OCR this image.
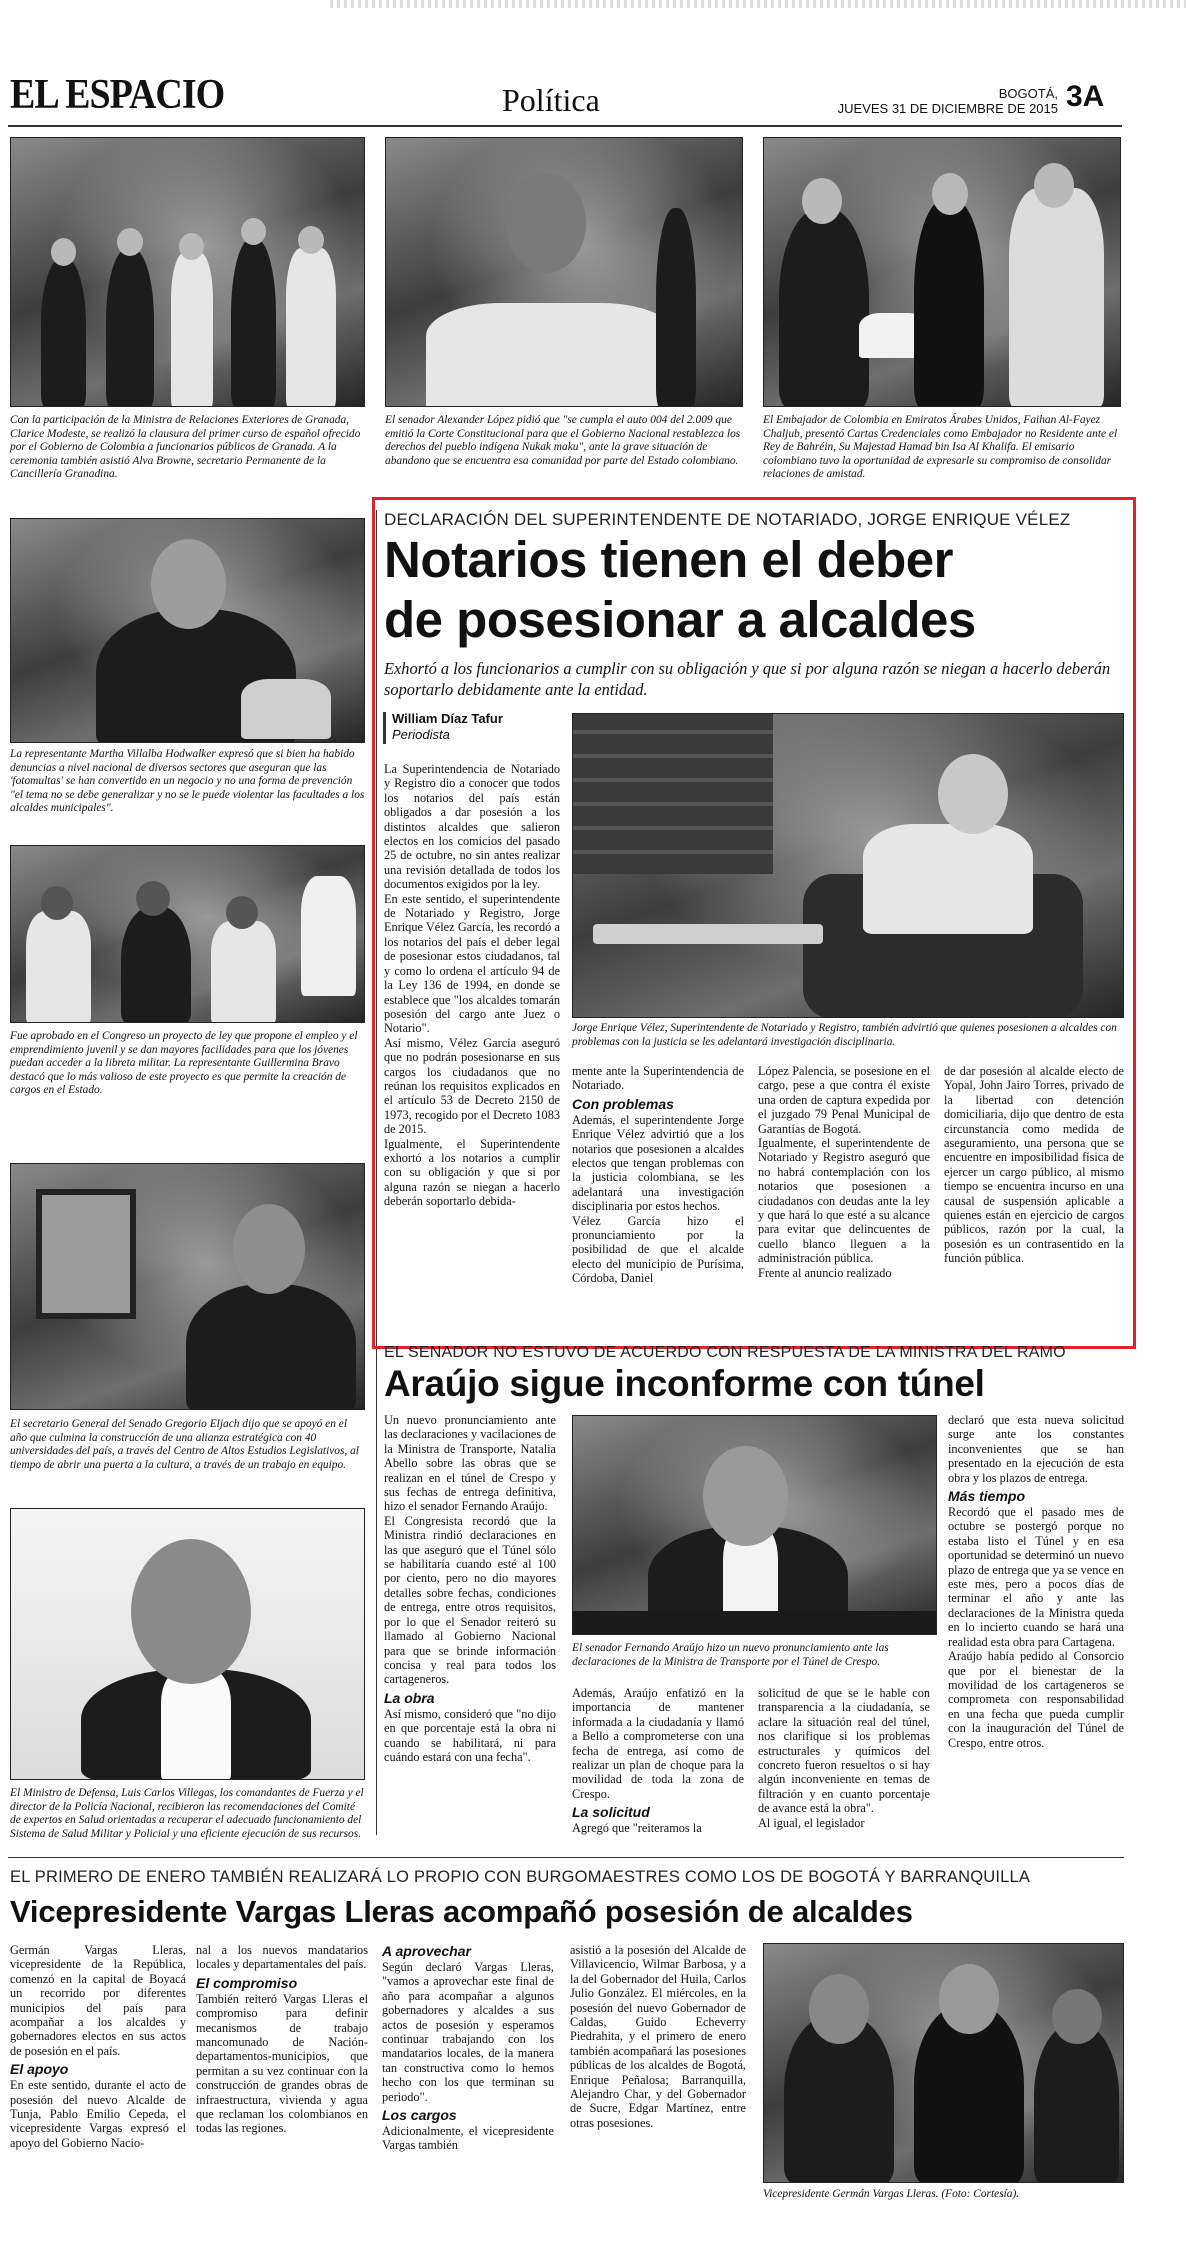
EL ESPACIO	Política	BOGOTÁ,
JUEVES 31 DE DICIEMBRE DE 2015 3A
Con la participación de la Ministra de Relaciones Exteriores de Granada, Clarice Modeste, se realizó la clausura del primer curso de español ofrecido por el Gobierno de Colombia a funcionarios públicos de Granada. A la ceremonia también asistió Alva Browne, secretario Permanente de la Cancillería Granadina.
El senador Alexander López pidió que "se cumpla el auto 004 del 2.009 que emitió la Corte Constitucional para que el Gobierno Nacional restablezca los derechos del pueblo indígena Nukak maku", ante la grave situación de abandono que se encuentra esa comunidad por parte del Estado colombiano.
El Embajador de Colombia en Emiratos Árabes Unidos, Faihan Al-Fayez Chaljub, presentó Cartas Credenciales como Embajador no Residente ante el Rey de Bahréin, Su Majestad Hamad bin Isa Al Khalifa. El emisario colombiano tuvo la oportunidad de expresarle su compromiso de consolidar relaciones de amistad.
La representante Martha Villalba Hodwalker expresó que si bien ha habido denuncias a nivel nacional de diversos sectores que aseguran que las 'fotomultas' se han convertido en un negocio y no una forma de prevención "el tema no se debe generalizar y no se le puede violentar las facultades a los alcaldes municipales".
Fue aprobado en el Congreso un proyecto de ley que propone el empleo y el emprendimiento juvenil y se dan mayores facilidades para que los jóvenes puedan acceder a la libreta militar. La representante Guillermina Bravo destacó que lo más valioso de este proyecto es que permite la creación de cargos en el Estado.
El secretario General del Senado Gregorio Eljach dijo que se apoyó en el año que culmina la construcción de una alianza estratégica con 40 universidades del país, a través del Centro de Altos Estudios Legislativos, al tiempo de abrir una puerta a la cultura, a través de un trabajo en equipo.
El Ministro de Defensa, Luis Carlos Villegas, los comandantes de Fuerza y el director de la Policía Nacional, recibieron las recomendaciones del Comité de expertos en Salud orientadas a recuperar el adecuado funcionamiento del Sistema de Salud Militar y Policial y una eficiente ejecución de sus recursos.
DECLARACIÓN DEL SUPERINTENDENTE DE NOTARIADO, JORGE ENRIQUE VÉLEZ
Notarios tienen el deber
de posesionar a alcaldes
Exhortó a los funcionarios a cumplir con su obligación y que si por alguna razón se niegan a hacerlo deberán soportarlo debidamente ante la entidad.
William Díaz Tafur
Periodista
Jorge Enrique Vélez, Superintendente de Notariado y Registro, también advirtió que quienes posesionen a alcaldes con problemas con la justicia se les adelantará investigación disciplinaria.

La Superintendencia de Notariado y Registro dio a conocer que todos los notarios del país están obligados a dar posesión a los distintos alcaldes que salieron electos en los comicios del pasado 25 de octubre, no sin antes realizar una revisión detallada de todos los documentos exigidos por la ley.

En este sentido, el superintendente de Notariado y Registro, Jorge Enrique Vélez García, les recordó a los notarios del país el deber legal de posesionar estos ciudadanos, tal y como lo ordena el artículo 94 de la Ley 136 de 1994, en donde se establece que "los alcaldes tomarán posesión del cargo ante Juez o Notario".

Así mismo, Vélez García aseguró que no podrán posesionarse en sus cargos los ciudadanos que no reúnan los requisitos explicados en el artículo 53 de Decreto 2150 de 1973, recogido por el Decreto 1083 de 2015.

Igualmente, el Superintendente exhortó a los notarios a cumplir con su obligación y que si por alguna razón se niegan a hacerlo deberán soportarlo debida-

mente ante la Superintendencia de Notariado.

Con problemas

Además, el superintendente Jorge Enrique Vélez advirtió que a los notarios que posesionen a alcaldes electos que tengan problemas con la justicia colombiana, se les adelantará una investigación disciplinaria por estos hechos.

Vélez García hizo el pronunciamiento por la posibilidad de que el alcalde electo del municipio de Purísima, Córdoba, Daniel

López Palencia, se posesione en el cargo, pese a que contra él existe una orden de captura expedida por el juzgado 79 Penal Municipal de Garantías de Bogotá.

Igualmente, el superintendente de Notariado y Registro aseguró que no habrá contemplación con los notarios que posesionen a ciudadanos con deudas ante la ley y que hará lo que esté a su alcance para evitar que delincuentes de cuello blanco lleguen a la administración pública.

Frente al anuncio realizado

de dar posesión al alcalde electo de Yopal, John Jairo Torres, privado de la libertad con detención domiciliaria, dijo que dentro de esta circunstancia como medida de aseguramiento, una persona que se encuentre en imposibilidad física de ejercer un cargo público, al mismo tiempo se encuentra incurso en una causal de suspensión aplicable a quienes están en ejercicio de cargos públicos, razón por la cual, la posesión es un contrasentido en la función pública.

EL SENADOR NO ESTUVO DE ACUERDO CON RESPUESTA DE LA MINISTRA DEL RAMO
Araújo sigue inconforme con túnel

Un nuevo pronunciamiento ante las declaraciones y vacilaciones de la Ministra de Transporte, Natalia Abello sobre las obras que se realizan en el túnel de Crespo y sus fechas de entrega definitiva, hizo el senador Fernando Araújo.

El Congresista recordó que la Ministra rindió declaraciones en las que aseguró que el Túnel sólo se habilitaría cuando esté al 100 por ciento, pero no dio mayores detalles sobre fechas, condiciones de entrega, entre otros requisitos, por lo que el Senador reiteró su llamado al Gobierno Nacional para que se brinde información concisa y real para todos los cartageneros.

La obra

Así mismo, consideró que "no dijo en que porcentaje está la obra ni cuando se habilitará, ni para cuándo estará con una fecha".

El senador Fernando Araújo hizo un nuevo pronunciamiento ante las declaraciones de la Ministra de Transporte por el Túnel de Crespo.

Además, Araújo enfatizó en la importancia de mantener informada a la ciudadanía y llamó a Bello a comprometerse con una fecha de entrega, así como de realizar un plan de choque para la movilidad de toda la zona de Crespo.

La solicitud

Agregó que "reiteramos la

solicitud de que se le hable con transparencia a la ciudadanía, se aclare la situación real del túnel, nos clarifique si los problemas estructurales y químicos del concreto fueron resueltos o si hay algún inconveniente en temas de filtración y en cuanto porcentaje de avance está la obra".

Al igual, el legislador

declaró que esta nueva solicitud surge ante los constantes inconvenientes que se han presentado en la ejecución de esta obra y los plazos de entrega.

Más tiempo

Recordó que el pasado mes de octubre se postergó porque no estaba listo el Túnel y en esa oportunidad se determinó un nuevo plazo de entrega que ya se vence en este mes, pero a pocos días de terminar el año y ante las declaraciones de la Ministra queda en lo incierto cuando se hará una realidad esta obra para Cartagena.

Araújo había pedido al Consorcio que por el bienestar de la movilidad de los cartageneros se comprometa con responsabilidad en una fecha que pueda cumplir con la inauguración del Túnel de Crespo, entre otros.

EL PRIMERO DE ENERO TAMBIÉN REALIZARÁ LO PROPIO CON BURGOMAESTRES COMO LOS DE BOGOTÁ Y BARRANQUILLA
Vicepresidente Vargas Lleras acompañó posesión de alcaldes

Germán Vargas Lleras, vicepresidente de la República, comenzó en la capital de Boyacá un recorrido por diferentes municipios del país para acompañar a los alcaldes y gobernadores electos en sus actos de posesión en el país.

El apoyo

En este sentido, durante el acto de posesión del nuevo Alcalde de Tunja, Pablo Emilio Cepeda, el vicepresidente Vargas expresó el apoyo del Gobierno Nacio-

nal a los nuevos mandatarios locales y departamentales del país.

El compromiso

También reiteró Vargas Lleras el compromiso para definir mecanismos de trabajo mancomunado de Nación-departamentos-municipios, que permitan a su vez continuar con la construcción de grandes obras de infraestructura, vivienda y agua que reclaman los colombianos en todas las regiones.

A aprovechar

Según declaró Vargas Lleras, "vamos a aprovechar este final de año para acompañar a algunos gobernadores y alcaldes a sus actos de posesión y esperamos continuar trabajando con los mandatarios locales, de la manera tan constructiva como lo hemos hecho con los que terminan su periodo".

Los cargos

Adicionalmente, el vicepresidente Vargas también

asistió a la posesión del Alcalde de Villavicencio, Wilmar Barbosa, y a la del Gobernador del Huila, Carlos Julio González. El miércoles, en la posesión del nuevo Gobernador de Caldas, Guido Echeverry Piedrahita, y el primero de enero también acompañará las posesiones públicas de los alcaldes de Bogotá, Enrique Peñalosa; Barranquilla, Alejandro Char, y del Gobernador de Sucre, Edgar Martínez, entre otras posesiones.

Vicepresidente Germán Vargas Lleras. (Foto: Cortesía).
